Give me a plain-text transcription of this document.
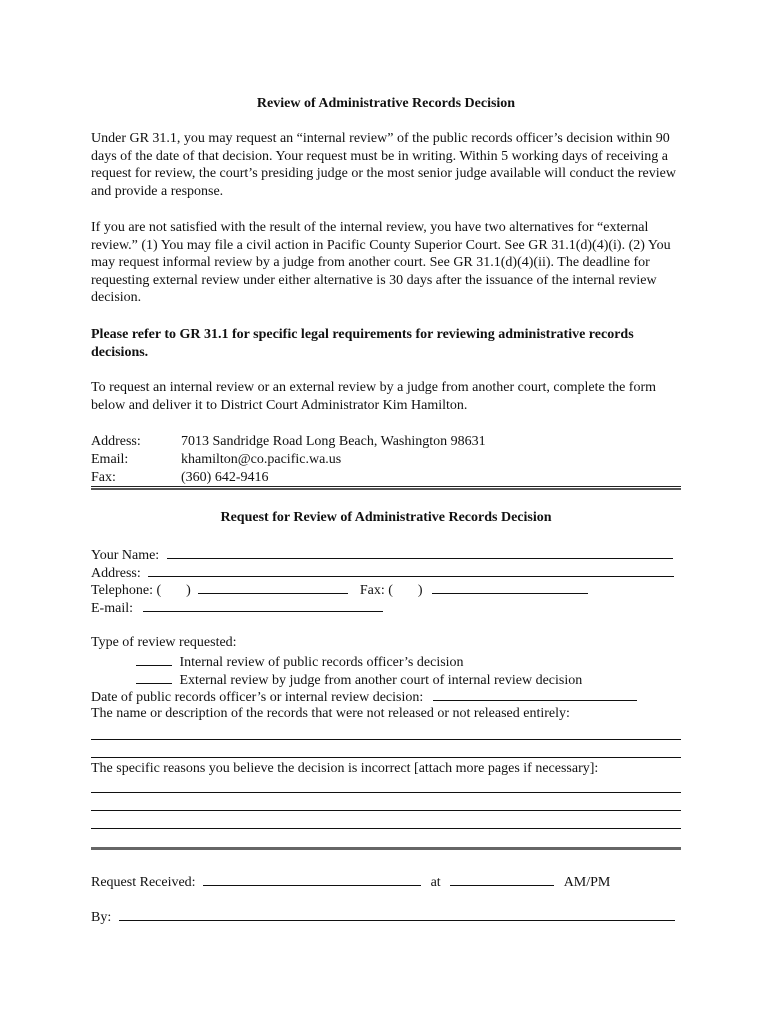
Review of Administrative Records Decision

Under GR 31.1, you may request an “internal review” of the public records officer’s decision within 90 days of the date of that decision. Your request must be in writing. Within 5 working days of receiving a request for review, the court’s presiding judge or the most senior judge available will conduct the review and provide a response.

If you are not satisfied with the result of the internal review, you have two alternatives for “external review.” (1) You may file a civil action in Pacific County Superior Court. See GR 31.1(d)(4)(i). (2) You may request informal review by a judge from another court. See GR 31.1(d)(4)(ii). The deadline for requesting external review under either alternative is 30 days after the issuance of the internal review decision.

Please refer to GR 31.1 for specific legal requirements for reviewing administrative records decisions.

To request an internal review or an external review by a judge from another court, complete the form below and deliver it to District Court Administrator Kim Hamilton.

Address:	7013 Sandridge Road Long Beach, Washington 98631
Email:	khamilton@co.pacific.wa.us
Fax:	(360) 642-9416
Request for Review of Administrative Records Decision
Your Name:
Address:
Telephone: ( )	Fax: ( )
E-mail:
Type of review requested:
Internal review of public records officer’s decision
External review by judge from another court of internal review decision
Date of public records officer’s or internal review decision:
The name or description of the records that were not released or not released entirely:
The specific reasons you believe the decision is incorrect [attach more pages if necessary]:
Request Received:	at	AM/PM
By:
